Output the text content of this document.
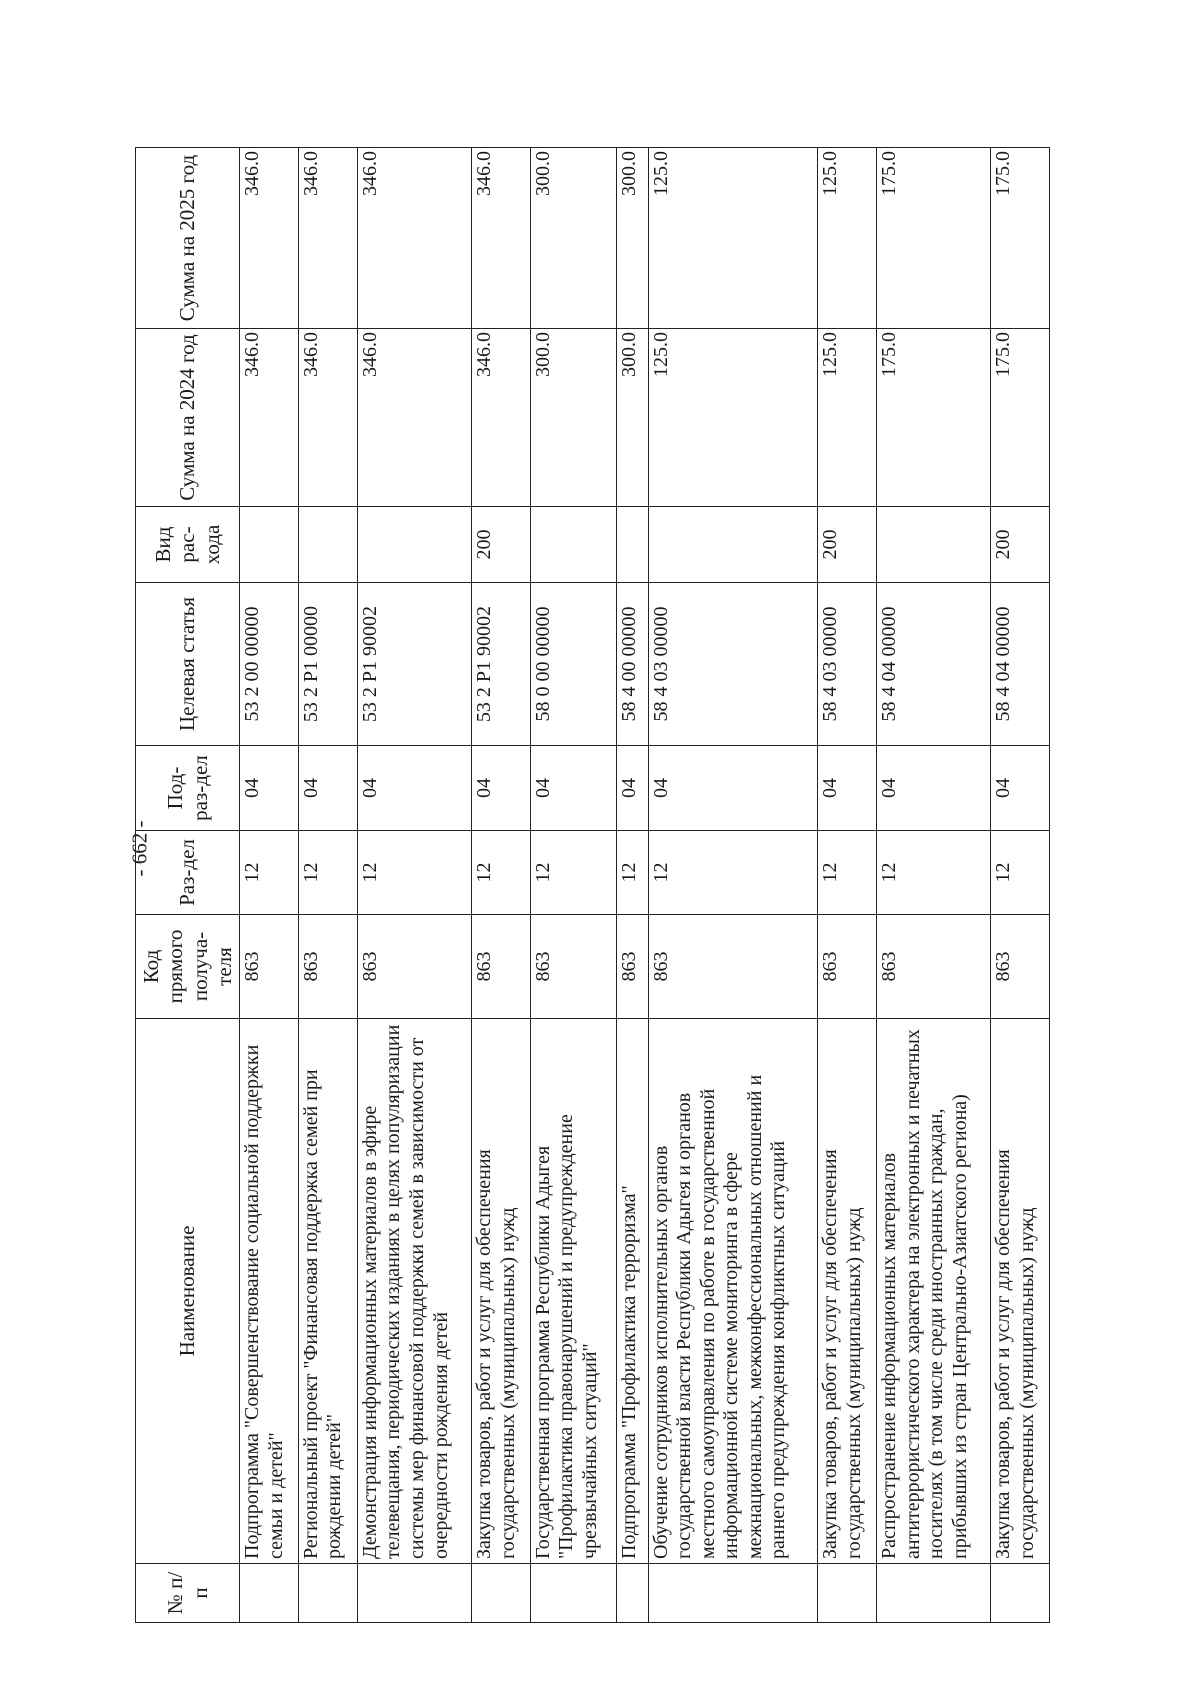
- 662 -
№ п/п	Наименование	Код прямого получа-теля	Раз-дел	Под-раз-дел	Целевая статья	Вид рас-хода	Сумма на 2024 год	Сумма на 2025 год
	Подпрограмма "Совершенствование социальной поддержки семьи и детей"	863	12	04	53 2 00 00000		346.0	346.0
	Региональный проект "Финансовая поддержка семей при рождении детей"	863	12	04	53 2 P1 00000		346.0	346.0
	Демонстрация информационных материалов в эфире телевещания, периодических изданиях в целях популяризации системы мер финансовой поддержки семей в зависимости от очередности рождения детей	863	12	04	53 2 P1 90002		346.0	346.0
	Закупка товаров, работ и услуг для обеспечения государственных (муниципальных) нужд	863	12	04	53 2 P1 90002	200	346.0	346.0
	Государственная программа Республики Адыгея "Профилактика правонарушений и предупреждение чрезвычайных ситуаций"	863	12	04	58 0 00 00000		300.0	300.0
	Подпрограмма "Профилактика терроризма"	863	12	04	58 4 00 00000		300.0	300.0
	Обучение сотрудников исполнительных органов государственной власти Республики Адыгея и органов местного самоуправления по работе в государственной информационной системе мониторинга в сфере межнациональных, межконфессиональных отношений и раннего предупреждения конфликтных ситуаций	863	12	04	58 4 03 00000		125.0	125.0
	Закупка товаров, работ и услуг для обеспечения государственных (муниципальных) нужд	863	12	04	58 4 03 00000	200	125.0	125.0
	Распространение информационных материалов антитеррористического характера на электронных и печатных носителях (в том числе среди иностранных граждан, прибывших из стран Центрально-Азиатского региона)	863	12	04	58 4 04 00000		175.0	175.0
	Закупка товаров, работ и услуг для обеспечения государственных (муниципальных) нужд	863	12	04	58 4 04 00000	200	175.0	175.0
